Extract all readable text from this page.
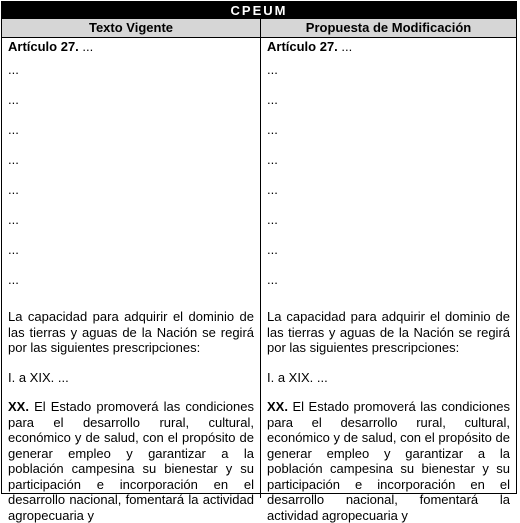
CPEUM
Texto Vigente	Propuesta de Modificación

Artículo 27. ...

...

...

...

...

...

...

...

...

La capacidad para adquirir el dominio de las tierras y aguas de la Nación se regirá por las siguientes prescripciones:

I. a XIX. ...

XX. El Estado promoverá las condiciones para el desarrollo rural, cultural, económico y de salud, con el propósito de generar empleo y garantizar a la población campesina su bienestar y su participación e incorporación en el desarrollo nacional, fomentará la actividad agropecuaria y

Artículo 27. ...

...

...

...

...

...

...

...

...

La capacidad para adquirir el dominio de las tierras y aguas de la Nación se regirá por las siguientes prescripciones:

I. a XIX. ...

XX. El Estado promoverá las condiciones para el desarrollo rural, cultural, económico y de salud, con el propósito de generar empleo y garantizar a la población campesina su bienestar y su participación e incorporación en el desarrollo nacional, fomentará la actividad agropecuaria y
